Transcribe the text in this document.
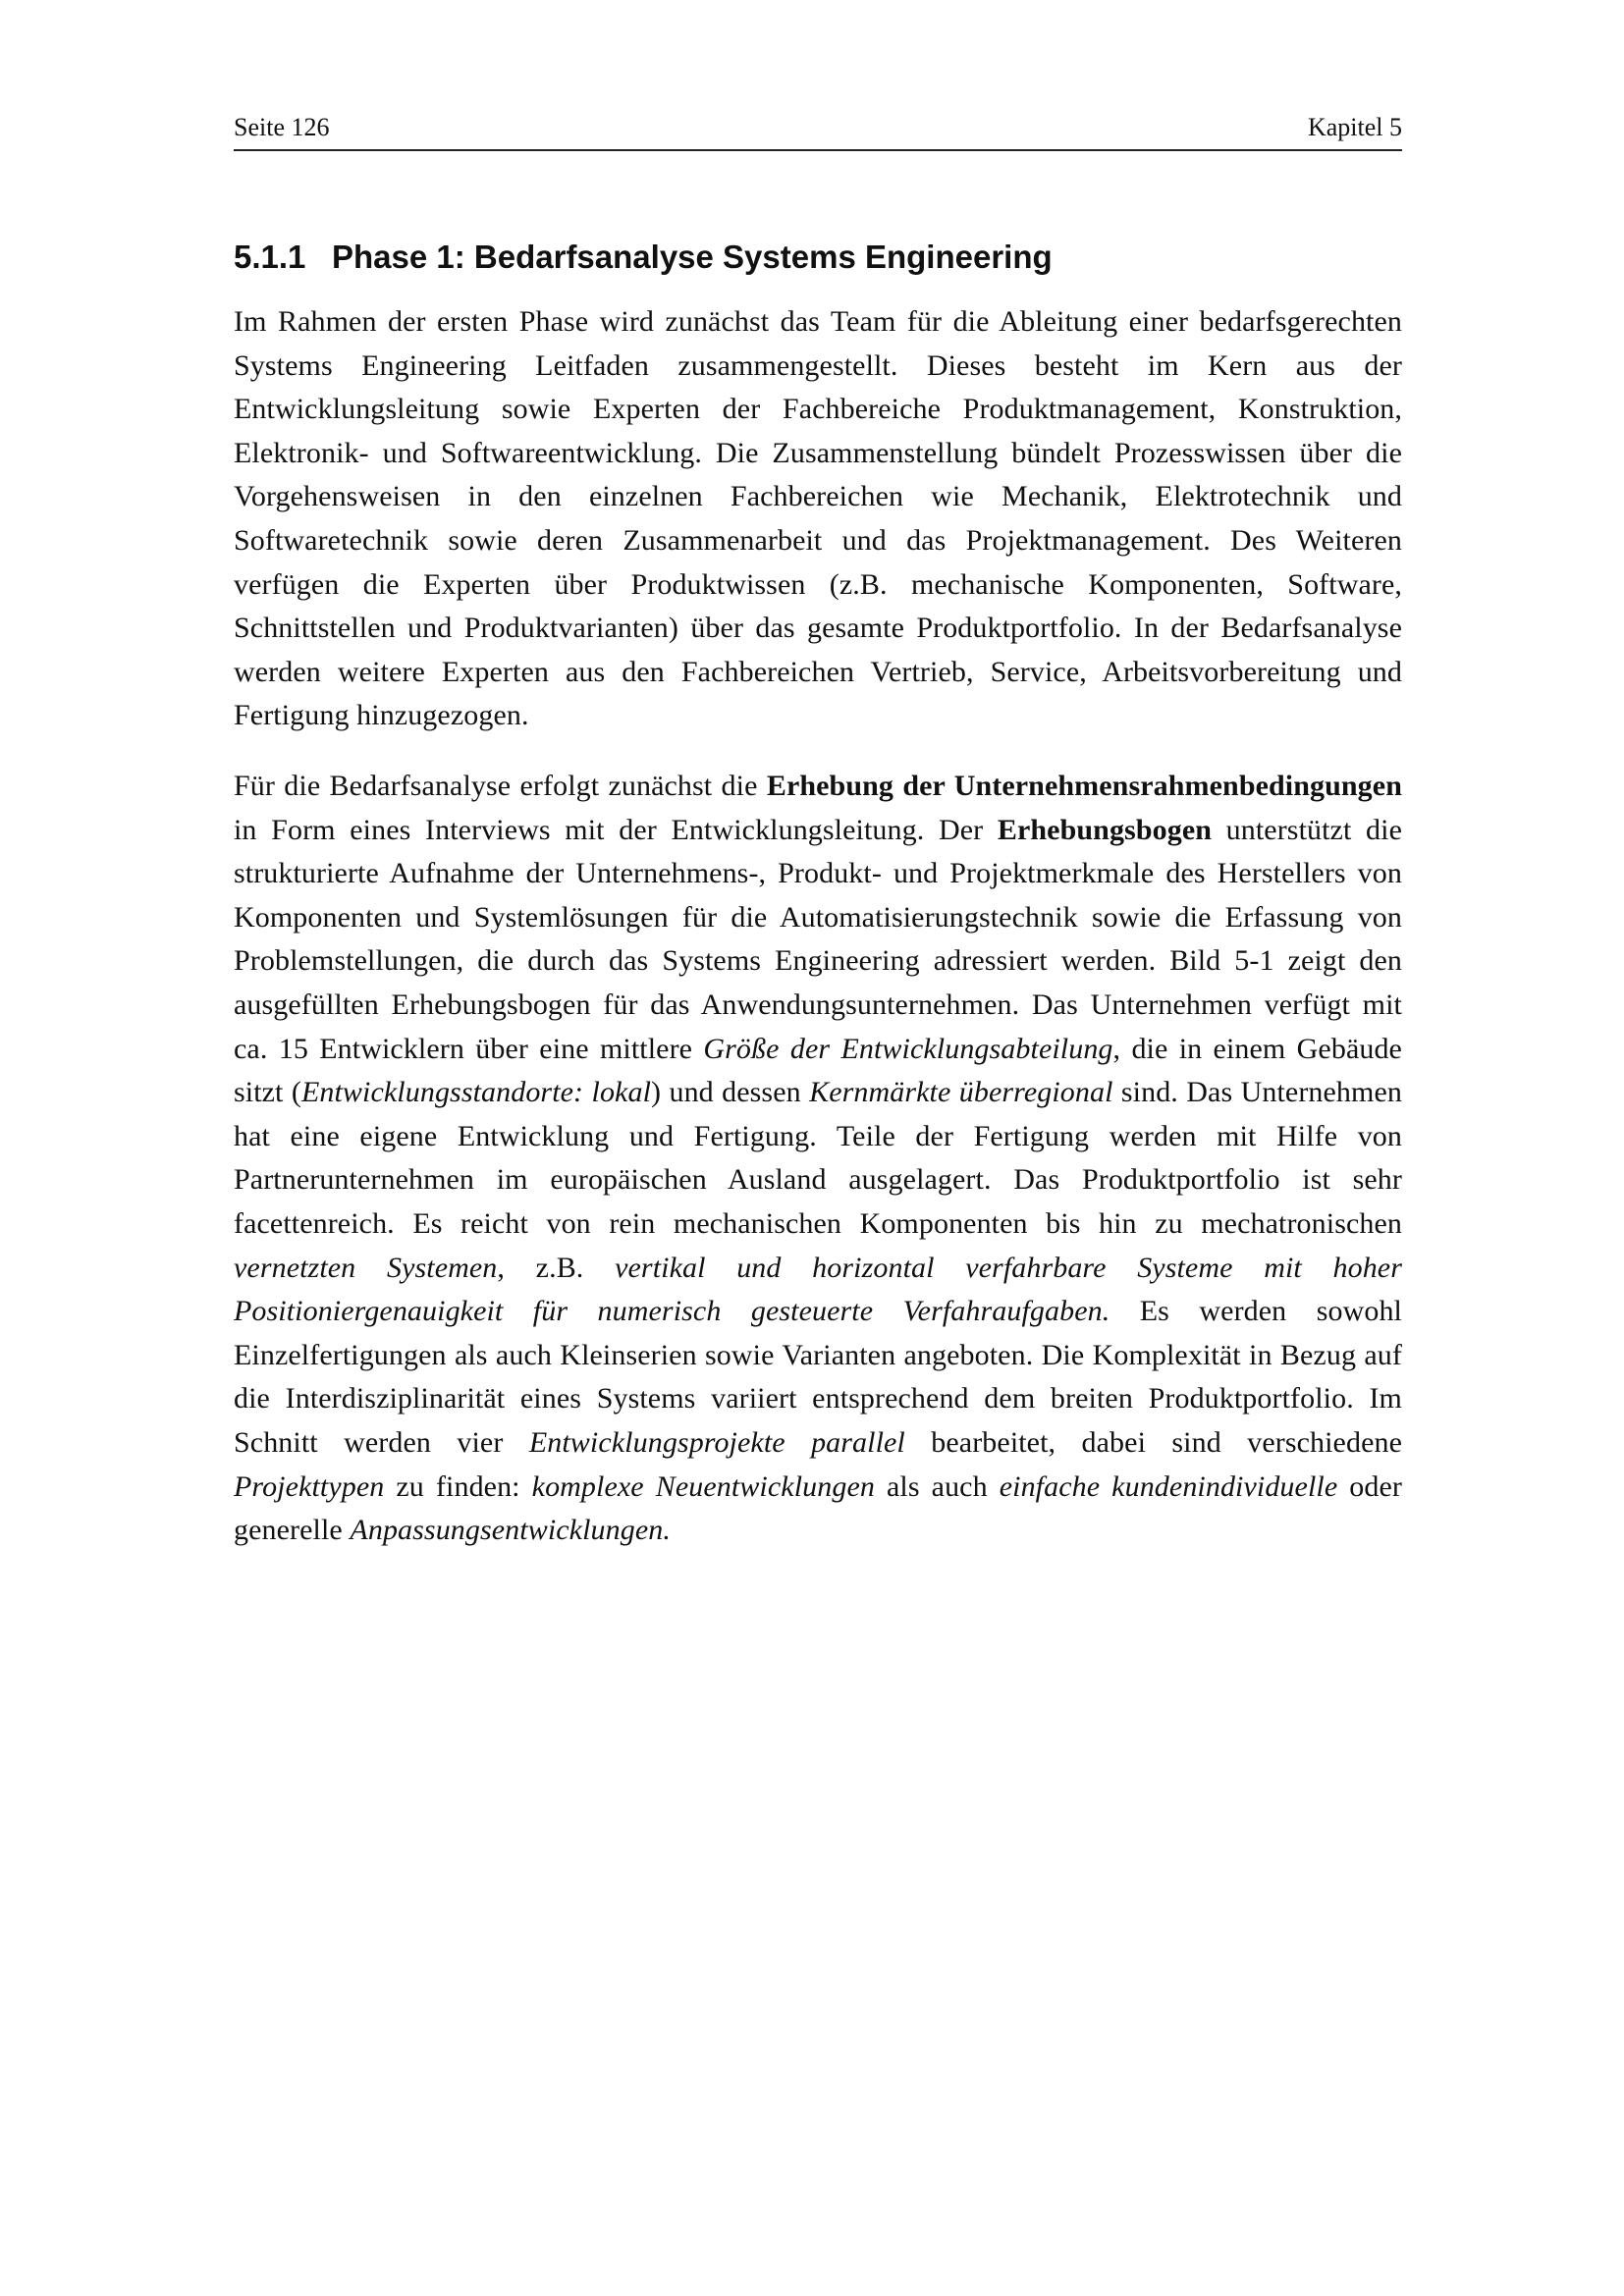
Seite 126	Kapitel 5
5.1.1 Phase 1: Bedarfsanalyse Systems Engineering

Im Rahmen der ersten Phase wird zunächst das Team für die Ableitung einer bedarfsgerechten Systems Engineering Leitfaden zusammengestellt. Dieses besteht im Kern aus der Entwicklungsleitung sowie Experten der Fachbereiche Produktmanagement, Konstruktion, Elektronik- und Softwareentwicklung. Die Zusammenstellung bündelt Prozesswissen über die Vorgehensweisen in den einzelnen Fachbereichen wie Mechanik, Elektrotechnik und Softwaretechnik sowie deren Zusammenarbeit und das Projektmanagement. Des Weiteren verfügen die Experten über Produktwissen (z.B. mechanische Komponenten, Software, Schnittstellen und Produktvarianten) über das gesamte Produktportfolio. In der Bedarfsanalyse werden weitere Experten aus den Fachbereichen Vertrieb, Service, Arbeitsvorbereitung und Fertigung hinzugezogen.

Für die Bedarfsanalyse erfolgt zunächst die Erhebung der Unternehmensrahmenbedingungen in Form eines Interviews mit der Entwicklungsleitung. Der Erhebungsbogen unterstützt die strukturierte Aufnahme der Unternehmens-, Produkt- und Projektmerkmale des Herstellers von Komponenten und Systemlösungen für die Automatisierungstechnik sowie die Erfassung von Problemstellungen, die durch das Systems Engineering adressiert werden. Bild 5-1 zeigt den ausgefüllten Erhebungsbogen für das Anwendungsunternehmen. Das Unternehmen verfügt mit ca. 15 Entwicklern über eine mittlere Größe der Entwicklungsabteilung, die in einem Gebäude sitzt (Entwicklungsstandorte: lokal) und dessen Kernmärkte überregional sind. Das Unternehmen hat eine eigene Entwicklung und Fertigung. Teile der Fertigung werden mit Hilfe von Partnerunternehmen im europäischen Ausland ausgelagert. Das Produktportfolio ist sehr facettenreich. Es reicht von rein mechanischen Komponenten bis hin zu mechatronischen vernetzten Systemen, z.B. vertikal und horizontal verfahrbare Systeme mit hoher Positioniergenauigkeit für numerisch gesteuerte Verfahraufgaben. Es werden sowohl Einzelfertigungen als auch Kleinserien sowie Varianten angeboten. Die Komplexität in Bezug auf die Interdisziplinarität eines Systems variiert entsprechend dem breiten Produktportfolio. Im Schnitt werden vier Entwicklungsprojekte parallel bearbeitet, dabei sind verschiedene Projekttypen zu finden: komplexe Neuentwicklungen als auch einfache kundenindividuelle oder generelle Anpassungsentwicklungen.
